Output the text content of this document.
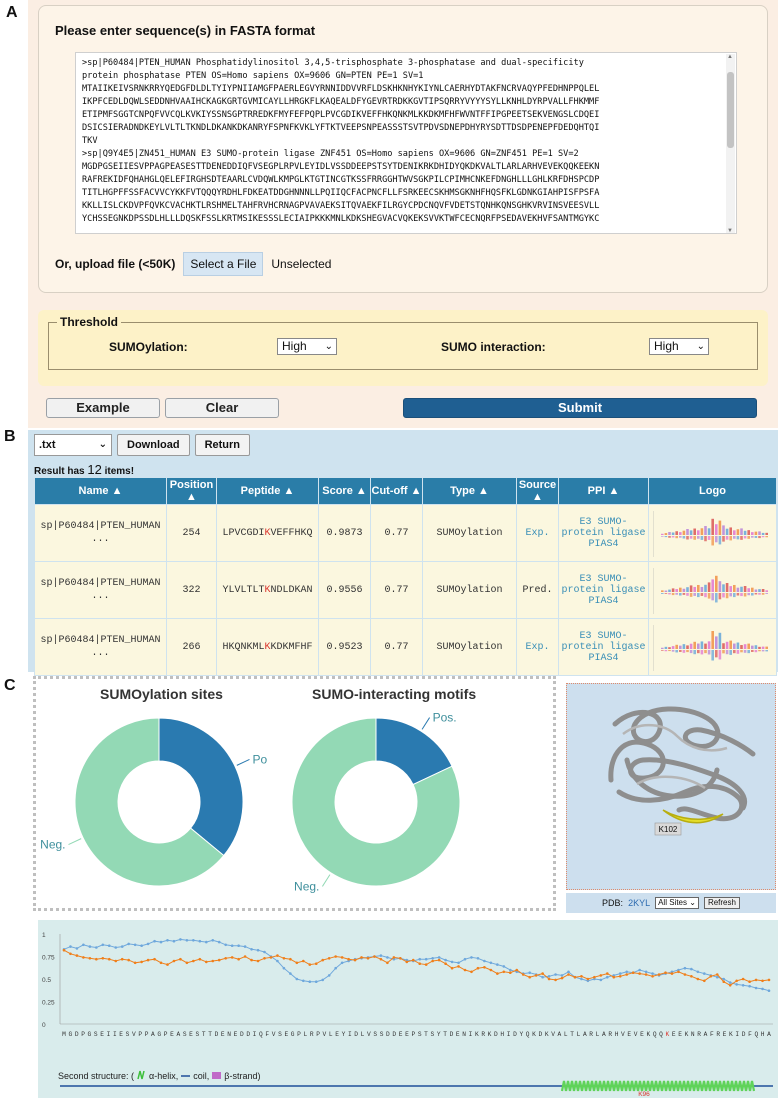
A
B
C
Please enter sequence(s) in FASTA format
>sp|P60484|PTEN_HUMAN Phosphatidylinositol 3,4,5-trisphosphate 3-phosphatase and dual-specificity
protein phosphatase PTEN OS=Homo sapiens OX=9606 GN=PTEN PE=1 SV=1
MTAIIKEIVSRNKRRYQEDGFDLDLTYIYPNIIAMGFPAERLEGVYRNNIDDVVRFLDSKHKNHYKIYNLCAERHYDTAKFNCRVAQYPFEDHNPPQLEL
IKPFCEDLDQWLSEDDNHVAAIHCKAGKGRTGVMICAYLLHRGKFLKAQEALDFYGEVRTRDKKGVTIPSQRRYVYYYSYLLKNHLDYRPVALLFHKMMF
ETIPMFSGGTCNPQFVVCQLKVKIYSSNSGPTRREDKFMYFEFPQPLPVCGDIKVEFFHKQNKMLKKDKMFHFWVNTFFIPGPEETSEKVENGSLCDQEI
DSICSIERADNDKEYLVLTLTKNDLDKANKDKANRYFSPNFKVKLYFTKTVEEPSNPEASSSTSVTPDVSDNEPDHYRYSDTTDSDPENEPFDEDQHTQI
TKV
>sp|Q9Y4E5|ZN451_HUMAN E3 SUMO-protein ligase ZNF451 OS=Homo sapiens OX=9606 GN=ZNF451 PE=1 SV=2
MGDPGSEIIESVPPAGPEASESTTDENEDDIQFVSEGPLRPVLEYIDLVSSDDEEPSTSYTDENIKRKDHIDYQKDKVALTLARLARHVEVEKQQKEEKN
RAFREKIDFQHAHGLQELEFIRGHSDTEAARLCVDQWLKMPGLKTGTINCGTKSSFRRGGHTWVSGKPILCPIMHCNKEFDNGHLLLGHLKRFDHSPCDP
TITLHGPFFSSFACVVCYKKFVTQQQYRDHLFDKEATDDGHNNNLLPQIIQCFACPNCFLLFSRKEECSKHMSGKNHFHQSFKLGDNKGIAHPISFPSFA
KKLLISLCKDVPFQVKCVACHKTLRSHMELTAHFRVHCRNAGPVAVAEKSITQVAEKFILRGYCPDCNQVFVDETSTQNHKQNSGHKVRVINSVEESVLL
YCHSSEGNKDPSSDLHLLLDQSKFSSLKRTMSIKESSSLECIAIPKKKMNLKDKSHEGVACVQKEKSVVKTWFCECNQRFPSEDAVEKHVFSANTMGYKC
▲
▼
Or, upload file (<50K)	Select a File	Unselected
Threshold
SUMOylation:	High ⌄	SUMO interaction:	High ⌄
Example	Clear	Submit
.txt	⌄	Download	Return
Result has 12 items!
Name ▲	Position ▲	Peptide ▲	Score ▲	Cut-off ▲	Type ▲	Source ▲	PPI ▲	Logo

sp|P60484|PTEN_HUMAN
...	254	LPVCGDIKVEFFHKQ	0.9873	0.77	SUMOylation	Exp.	E3 SUMO-protein ligase PIAS4	

sp|P60484|PTEN_HUMAN
...	322	YLVLTLTKNDLDKAN	0.9556	0.77	SUMOylation	Pred.	E3 SUMO-protein ligase PIAS4	

sp|P60484|PTEN_HUMAN
...	266	HKQNKMLKKDKMFHF	0.9523	0.77	SUMOylation	Exp.	E3 SUMO-protein ligase PIAS4	
SUMOylation sites	SUMO-interacting motifs
Po
Neg.
Pos.
Neg.
K102
PDB: 2KYL	All Sites ⌄	Refresh
1
0.75
0.5
0.25
0
M G D P G S E I I E S V P P A G P E A S E S T T D E N E D D I Q F V S E G P L R P V L E Y I D L V S S D D E E P S T S Y T D E N I K R K D H I D Y Q K D K V A L T L A R L A R H V E V E K Q Q K E E K N R A F R E K I D F Q H A
K96
Second structure: ( α-helix, coil, β-strand)
